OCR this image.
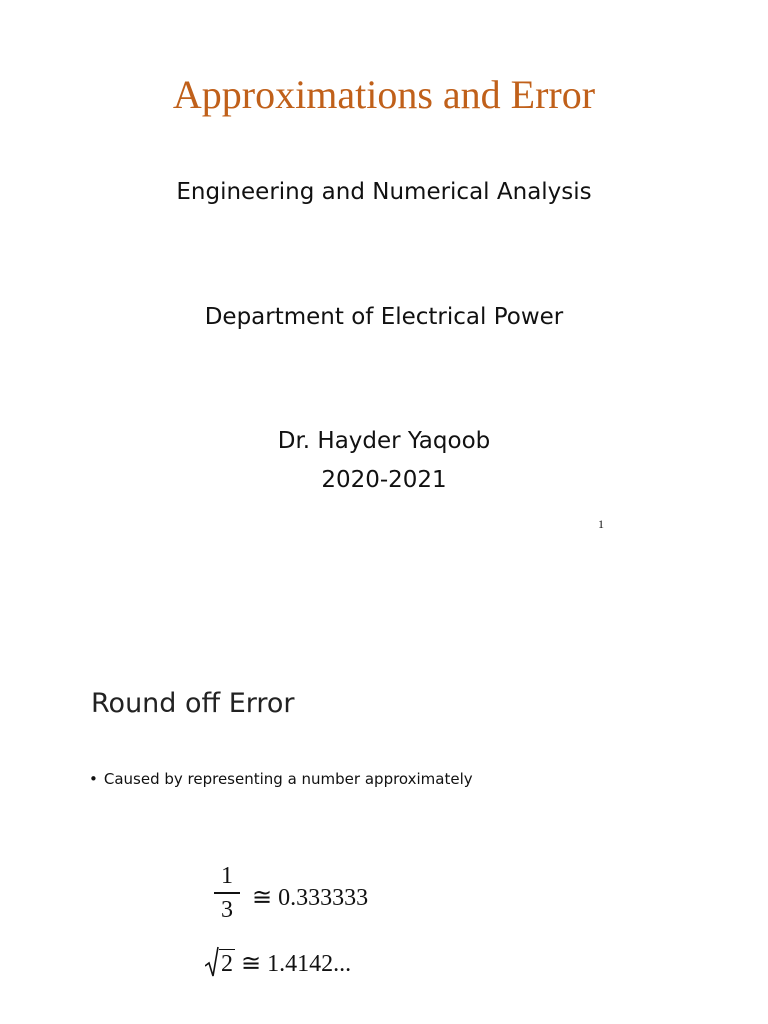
Approximations and Error
Engineering and Numerical Analysis
Department of Electrical Power
Dr. Hayder Yaqoob
2020-2021
1
Round off Error
• Caused by representing a number approximately
1
3 ≅ 0.333333
2 ≅ 1.4142...
